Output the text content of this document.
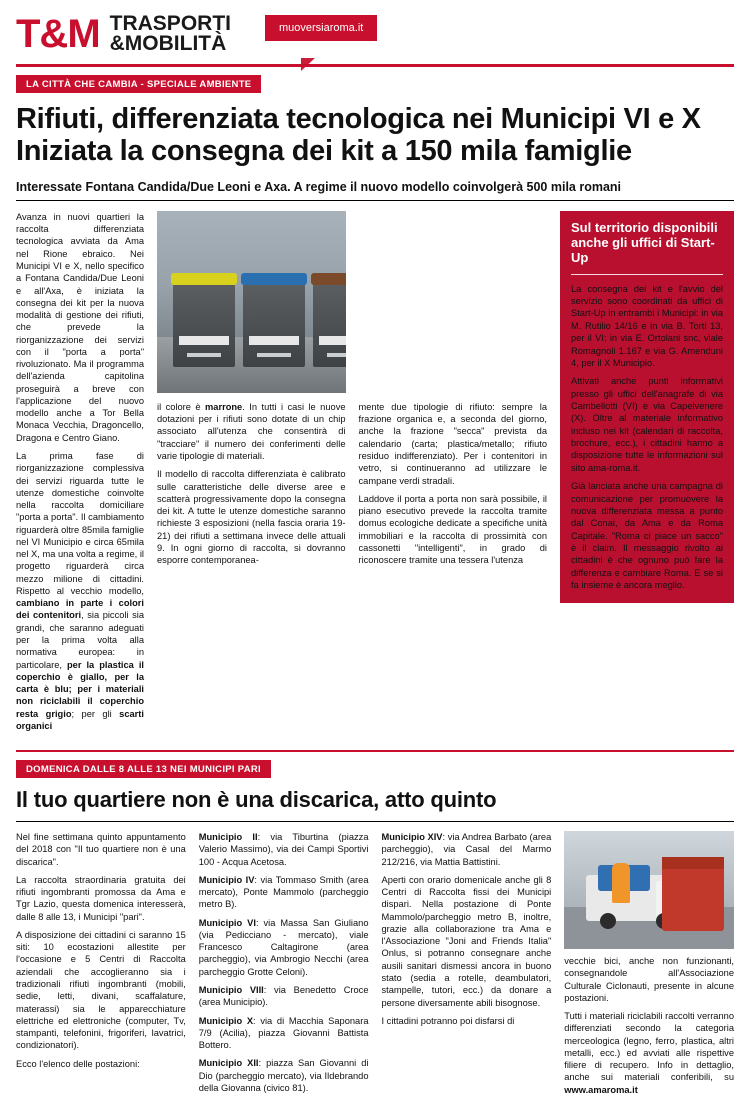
T&M TRASPORTI
&MOBILITÀ
muoversiaroma.it
LA CITTÀ CHE CAMBIA - SPECIALE AMBIENTE
Rifiuti, differenziata tecnologica nei Municipi VI e X
Iniziata la consegna dei kit a 150 mila famiglie
Interessate Fontana Candida/Due Leoni e Axa. A regime il nuovo modello coinvolgerà 500 mila romani

Avanza in nuovi quartieri la raccolta differenziata tecnologica avviata da Ama nel Rione ebraico. Nei Municipi VI e X, nello specifico a Fontana Candida/Due Leoni e all'Axa, è iniziata la consegna dei kit per la nuova modalità di gestione dei rifiuti, che prevede la riorganizzazione dei servizi con il "porta a porta" rivoluzionato. Ma il programma dell'azienda capitolina proseguirà a breve con l'applicazione del nuovo modello anche a Tor Bella Monaca Vecchia, Dragoncello, Dragona e Centro Giano.

La prima fase di riorganizzazione complessiva dei servizi riguarda tutte le utenze domestiche coinvolte nella raccolta domiciliare "porta a porta". Il cambiamento riguarderà oltre 85mila famiglie nel VI Municipio e circa 65mila nel X, ma una volta a regime, il progetto riguarderà circa mezzo milione di cittadini. Rispetto al vecchio modello, cambiano in parte i colori dei contenitori, sia piccoli sia grandi, che saranno adeguati per la prima volta alla normativa europea: in particolare, per la plastica il coperchio è giallo, per la carta è blu; per i materiali non riciclabili il coperchio resta grigio; per gli scarti organici

il colore è marrone. In tutti i casi le nuove dotazioni per i rifiuti sono dotate di un chip associato all'utenza che consentirà di "tracciare" il numero dei conferimenti delle varie tipologie di materiali.

Il modello di raccolta differenziata è calibrato sulle caratteristiche delle diverse aree e scatterà progressivamente dopo la consegna dei kit. A tutte le utenze domestiche saranno richieste 3 esposizioni (nella fascia oraria 19-21) dei rifiuti a settimana invece delle attuali 9. In ogni giorno di raccolta, si dovranno esporre contemporanea-

mente due tipologie di rifiuto: sempre la frazione organica e, a seconda del giorno, anche la frazione "secca" prevista da calendario (carta; plastica/metallo; rifiuto residuo indifferenziato). Per i contenitori in vetro, si continueranno ad utilizzare le campane verdi stradali.

Laddove il porta a porta non sarà possibile, il piano esecutivo prevede la raccolta tramite domus ecologiche dedicate a specifiche unità immobiliari e la raccolta di prossimità con cassonetti "intelligenti", in grado di riconoscere tramite una tessera l'utenza

Sul territorio disponibili anche gli uffici di Start-Up

La consegna dei kit e l'avvio del servizio sono coordinati da uffici di Start-Up in entrambi i Municipi: in via M. Rutilio 14/16 e in via B. Torti 13, per il VI; in via E. Ortolani snc, viale Romagnoli 1.167 e via G. Amenduni 4, per il X Municipio.

Attivati anche punti informativi presso gli uffici dell'anagrafe di via Cambellotti (VI) e via Capelvenere (X). Oltre al materiale informativo incluso nei kit (calendari di raccolta, brochure, ecc.), i cittadini hanno a disposizione tutte le informazioni sul sito ama-roma.it.

Già lanciata anche una campagna di comunicazione per promuovere la nuova differenziata messa a punto dal Conai, da Ama e da Roma Capitale. "Roma ci piace un sacco" è il claim. Il messaggio rivolto ai cittadini è che ognuno può fare la differenza e cambiare Roma. E se si fa insieme è ancora meglio.

DOMENICA DALLE 8 ALLE 13 NEI MUNICIPI PARI
Il tuo quartiere non è una discarica, atto quinto

Nel fine settimana quinto appuntamento del 2018 con "Il tuo quartiere non è una discarica".

La raccolta straordinaria gratuita dei rifiuti ingombranti promossa da Ama e Tgr Lazio, questa domenica interesserà, dalle 8 alle 13, i Municipi "pari".

A disposizione dei cittadini ci saranno 15 siti: 10 ecostazioni allestite per l'occasione e 5 Centri di Raccolta aziendali che accoglieranno sia i tradizionali rifiuti ingombranti (mobili, sedie, letti, divani, scaffalature, materassi) sia le apparecchiature elettriche ed elettroniche (computer, Tv, stampanti, telefonini, frigoriferi, lavatrici, condizionatori).

Ecco l'elenco delle postazioni:

Municipio II: via Tiburtina (piazza Valerio Massimo), via dei Campi Sportivi 100 - Acqua Acetosa.

Municipio IV: via Tommaso Smith (area mercato), Ponte Mammolo (parcheggio metro B).

Municipio VI: via Massa San Giuliano (via Pedicciano - mercato), viale Francesco Caltagirone (area parcheggio), via Ambrogio Necchi (area parcheggio Grotte Celoni).

Municipio VIII: via Benedetto Croce (area Municipio).

Municipio X: via di Macchia Saponara 7/9 (Acilia), piazza Giovanni Battista Bottero.

Municipio XII: piazza San Giovanni di Dio (parcheggio mercato), via Ildebrando della Giovanna (civico 81).

Municipio XIV: via Andrea Barbato (area parcheggio), via Casal del Marmo 212/216, via Mattia Battistini.

Aperti con orario domenicale anche gli 8 Centri di Raccolta fissi dei Municipi dispari. Nella postazione di Ponte Mammolo/parcheggio metro B, inoltre, grazie alla collaborazione tra Ama e l'Associazione "Joni and Friends Italia" Onlus, si potranno consegnare anche ausili sanitari dismessi ancora in buono stato (sedia a rotelle, deambulatori, stampelle, tutori, ecc.) da donare a persone diversamente abili bisognose.

I cittadini potranno poi disfarsi di

vecchie bici, anche non funzionanti, consegnandole all'Associazione Culturale Ciclonauti, presente in alcune postazioni.

Tutti i materiali riciclabili raccolti verranno differenziati secondo la categoria merceologica (legno, ferro, plastica, altri metalli, ecc.) ed avviati alle rispettive filiere di recupero. Info in dettaglio, anche sui materiali conferibili, su www.amaroma.it
